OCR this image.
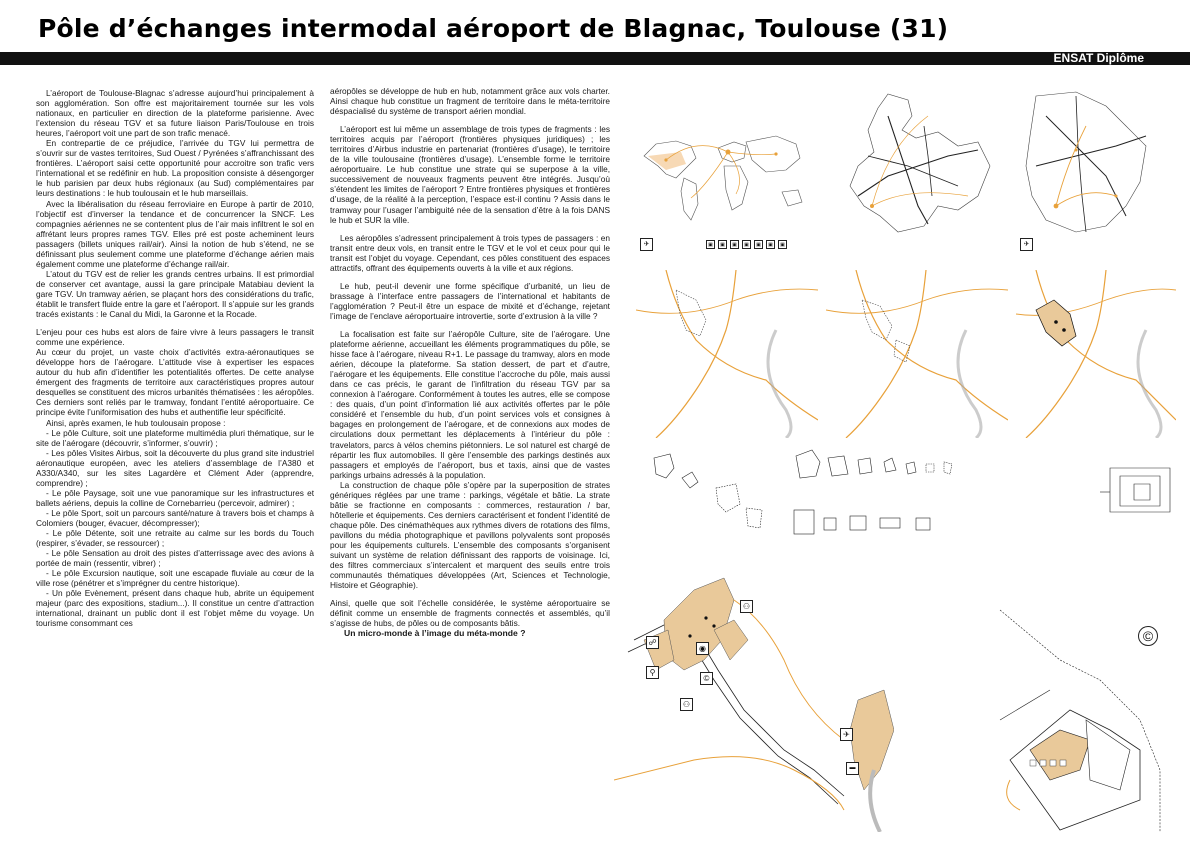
Pôle d’échanges intermodal aéroport de Blagnac, Toulouse (31)
ENSAT Diplôme

L’aéroport de Toulouse-Blagnac s’adresse aujourd’hui principalement à son agglomération. Son offre est majoritairement tournée sur les vols nationaux, en particulier en direction de la plateforme parisienne. Avec l’extension du réseau TGV et sa future liaison Paris/Toulouse en trois heures, l’aéroport voit une part de son trafic menacé.

En contrepartie de ce préjudice, l’arrivée du TGV lui permettra de s’ouvrir sur de vastes territoires, Sud Ouest / Pyrénées s’affranchissant des frontières. L’aéroport saisi cette opportunité pour accroitre son trafic vers l’international et se redéfinir en hub. La proposition consiste à désengorger le hub parisien par deux hubs régionaux (au Sud) complémentaires par leurs destinations : le hub toulousain et le hub marseillais.

Avec la libéralisation du réseau ferroviaire en Europe à partir de 2010, l’objectif est d’inverser la tendance et de concurrencer la SNCF. Les compagnies aériennes ne se contentent plus de l’air mais infiltrent le sol en affrétant leurs propres rames TGV. Elles pré est poste acheminent leurs passagers (billets uniques rail/air). Ainsi la notion de hub s’étend, ne se définissant plus seulement comme une plateforme d’échange aérien mais également comme une plateforme d’échange rail/air.

L’atout du TGV est de relier les grands centres urbains. Il est primordial de conserver cet avantage, aussi la gare principale Matabiau devient la gare TGV. Un tramway aérien, se plaçant hors des considérations du trafic, établit le transfert fluide entre la gare et l’aéroport. Il s’appuie sur les grands tracés existants : le Canal du Midi, la Garonne et la Rocade.

L’enjeu pour ces hubs est alors de faire vivre à leurs passagers le transit comme une expérience.

Au cœur du projet, un vaste choix d’activités extra-aéronautiques se développe hors de l’aérogare. L’attitude vise à expertiser les espaces autour du hub afin d’identifier les potentialités offertes. De cette analyse émergent des fragments de territoire aux caractéristiques propres autour desquelles se constituent des micros urbanités thématisées : les aéropôles. Ces derniers sont reliés par le tramway, fondant l’entité aéroportuaire. Ce principe évite l’uniformisation des hubs et authentifie leur spécificité.

Ainsi, après examen, le hub toulousain propose :

- Le pôle Culture, soit une plateforme multimédia pluri thématique, sur le site de l’aérogare (découvrir, s’informer, s’ouvrir) ;

- Les pôles Visites Airbus, soit la découverte du plus grand site industriel aéronautique européen, avec les ateliers d’assemblage de l’A380 et A330/A340, sur les sites Lagardère et Clément Ader (apprendre, comprendre) ;

- Le pôle Paysage, soit une vue panoramique sur les infrastructures et ballets aériens, depuis la colline de Cornebarrieu (percevoir, admirer) ;

- Le pôle Sport, soit un parcours santé/nature à travers bois et champs à Colomiers (bouger, évacuer, décompresser);

- Le pôle Détente, soit une retraite au calme sur les bords du Touch (respirer, s’évader, se ressourcer) ;

- Le pôle Sensation au droit des pistes d’atterrissage avec des avions à portée de main (ressentir, vibrer) ;

- Le pôle Excursion nautique, soit une escapade fluviale au cœur de la ville rose (pénétrer et s’imprégner du centre historique).

- Un pôle Evènement, présent dans chaque hub, abrite un équipement majeur (parc des expositions, stadium...). Il constitue un centre d’attraction international, drainant un public dont il est l’objet même du voyage. Un tourisme consommant ces

aéropôles se développe de hub en hub, notamment grâce aux vols charter. Ainsi chaque hub constitue un fragment de territoire dans le méta-territoire déspacialisé du système de transport aérien mondial.

L’aéroport est lui même un assemblage de trois types de fragments : les territoires acquis par l’aéroport (frontières physiques juridiques) ; les territoires d’Airbus industrie en partenariat (frontières d’usage), le territoire de la ville toulousaine (frontières d’usage). L’ensemble forme le territoire aéroportuaire. Le hub constitue une strate qui se superpose à la ville, successivement de nouveaux fragments peuvent être intégrés. Jusqu’où s’étendent les limites de l’aéroport ? Entre frontières physiques et frontières d’usage, de la réalité à la perception, l’espace est-il continu ? Assis dans le tramway pour l’usager l’ambiguité née de la sensation d’être à la fois DANS le hub et SUR la ville.

Les aéropôles s’adressent principalement à trois types de passagers : en transit entre deux vols, en transit entre le TGV et le vol et ceux pour qui le transit est l’objet du voyage. Cependant, ces pôles constituent des espaces attractifs, offrant des équipements ouverts à la ville et aux régions.

Le hub, peut-il devenir une forme spécifique d’urbanité, un lieu de brassage à l’interface entre passagers de l’international et habitants de l’agglomération ? Peut-il être un espace de mixité et d’échange, rejetant l’image de l’enclave aéroportuaire introvertie, sorte d’extrusion à la ville ?

La focalisation est faite sur l’aéropôle Culture, site de l’aérogare. Une plateforme aérienne, accueillant les éléments programmatiques du pôle, se hisse face à l’aérogare, niveau R+1. Le passage du tramway, alors en mode aérien, découpe la plateforme. Sa station dessert, de part et d’autre, l’aérogare et les équipements. Elle constitue l’accroche du pôle, mais aussi dans ce cas précis, le garant de l’infiltration du réseau TGV par sa connexion à l’aérogare. Conformément à toutes les autres, elle se compose : des quais, d’un point d’information lié aux activités offertes par le pôle considéré et l’ensemble du hub, d’un point services vols et consignes à bagages en prolongement de l’aérogare, et de connexions aux modes de circulations doux permettant les déplacements à l’intérieur du pôle : travelators, parcs à vélos chemins piétonniers. Le sol naturel est chargé de répartir les flux automobiles. Il gère l’ensemble des parkings destinés aux passagers et employés de l’aéroport, bus et taxis, ainsi que de vastes parkings urbains adressés à la population.

La construction de chaque pôle s’opère par la superposition de strates génériques réglées par une trame : parkings, végétale et bâtie. La strate bâtie se fractionne en composants : commerces, restauration / bar, hôtellerie et équipements. Ces derniers caractérisent et fondent l’identité de chaque pôle. Des cinémathèques aux rythmes divers de rotations des films, pavillons du média photographique et pavillons polyvalents sont proposés pour les équipements culturels. L’ensemble des composants s’organisent suivant un système de relation définissant des rapports de voisinage. Ici, des filtres commerciaux s’intercalent et marquent des seuils entre trois communautés thématiques développées (Art, Sciences et Technologie, Histoire et Géographie).

Ainsi, quelle que soit l’échelle considérée, le système aéroportuaire se définit comme un ensemble de fragments connectés et assemblés, qu’il s’agisse de hubs, de pôles ou de composants bâtis.

Un micro-monde à l’image du méta-monde ?

✈	▣	▣	▣	▣	▣	▣	▣	✈
⚇
☍
◉
©
⚲
⚇
✈
▬
©
